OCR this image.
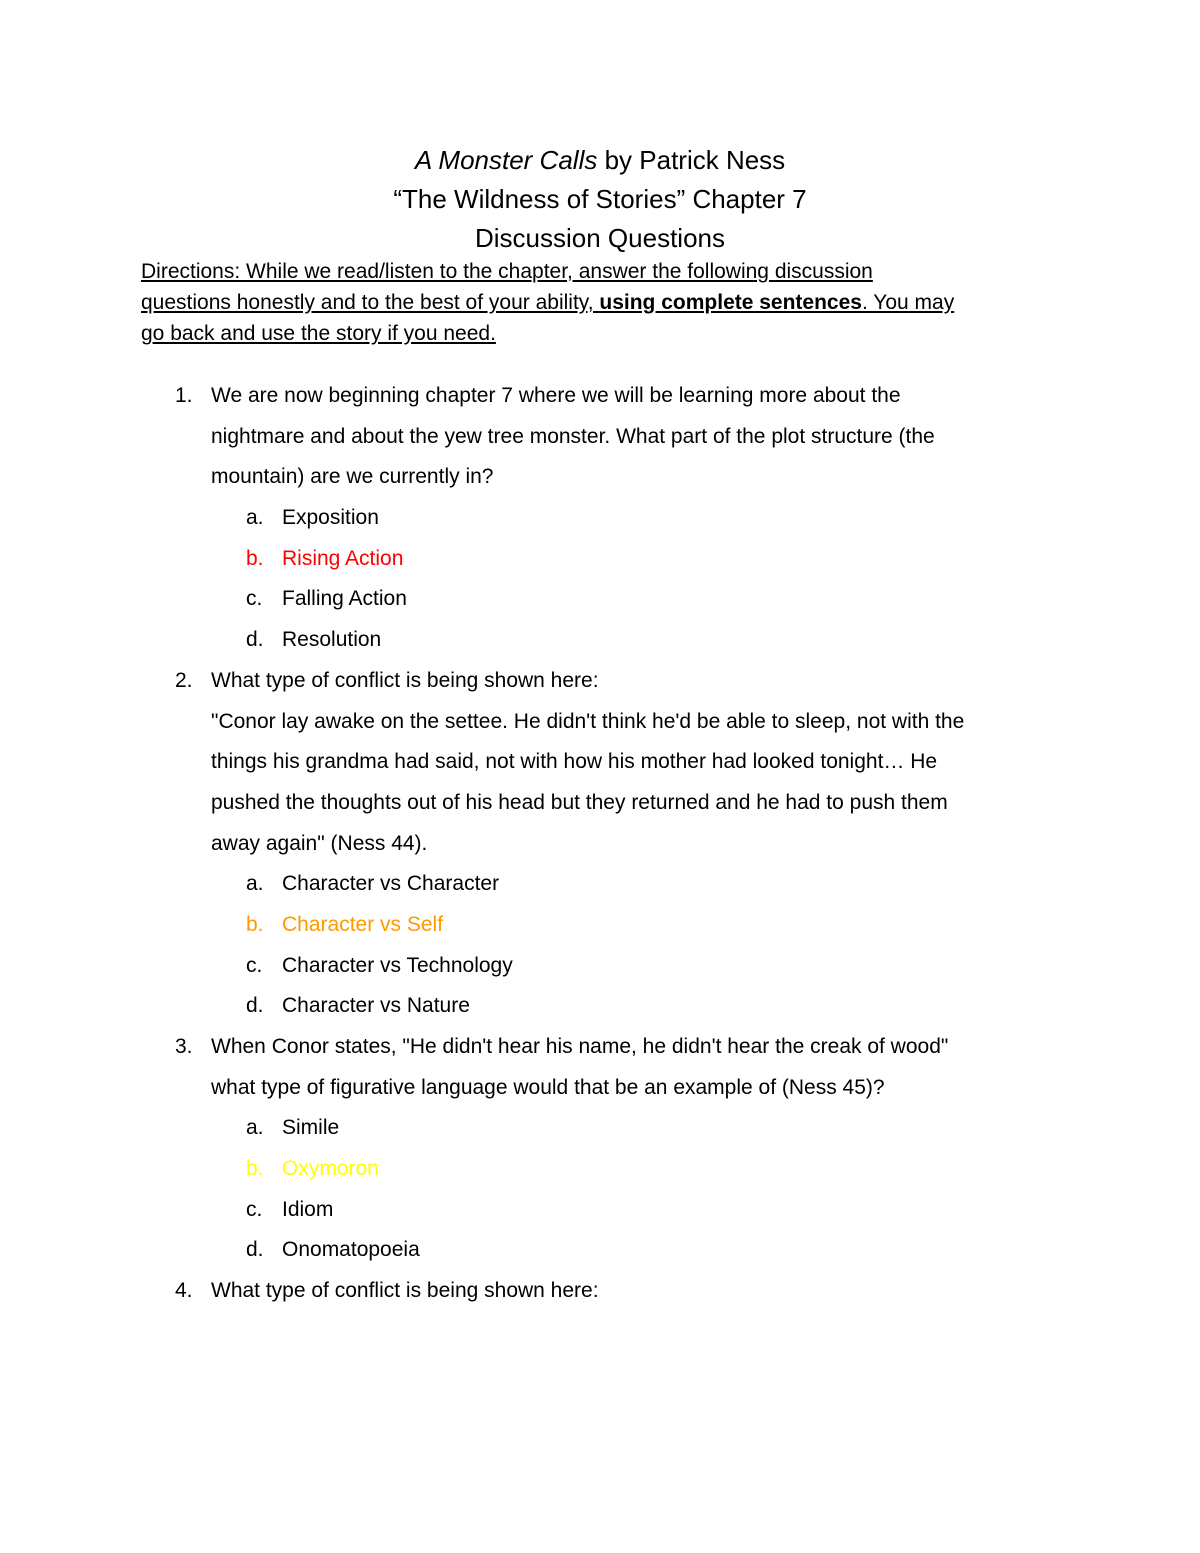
A Monster Calls by Patrick Ness
“The Wildness of Stories” Chapter 7
Discussion Questions
Directions: While we read/listen to the chapter, answer the following discussion
questions honestly and to the best of your ability, using complete sentences. You may
go back and use the story if you need.
1. We are now beginning chapter 7 where we will be learning more about the
nightmare and about the yew tree monster. What part of the plot structure (the
mountain) are we currently in?
a. Exposition
b. Rising Action
c. Falling Action
d. Resolution
2. What type of conflict is being shown here:
"Conor lay awake on the settee. He didn't think he'd be able to sleep, not with the
things his grandma had said, not with how his mother had looked tonight… He
pushed the thoughts out of his head but they returned and he had to push them
away again" (Ness 44).
a. Character vs Character
b. Character vs Self
c. Character vs Technology
d. Character vs Nature
3. When Conor states, "He didn't hear his name, he didn't hear the creak of wood"
what type of figurative language would that be an example of (Ness 45)?
a. Simile
b. Oxymoron
c. Idiom
d. Onomatopoeia
4. What type of conflict is being shown here:
